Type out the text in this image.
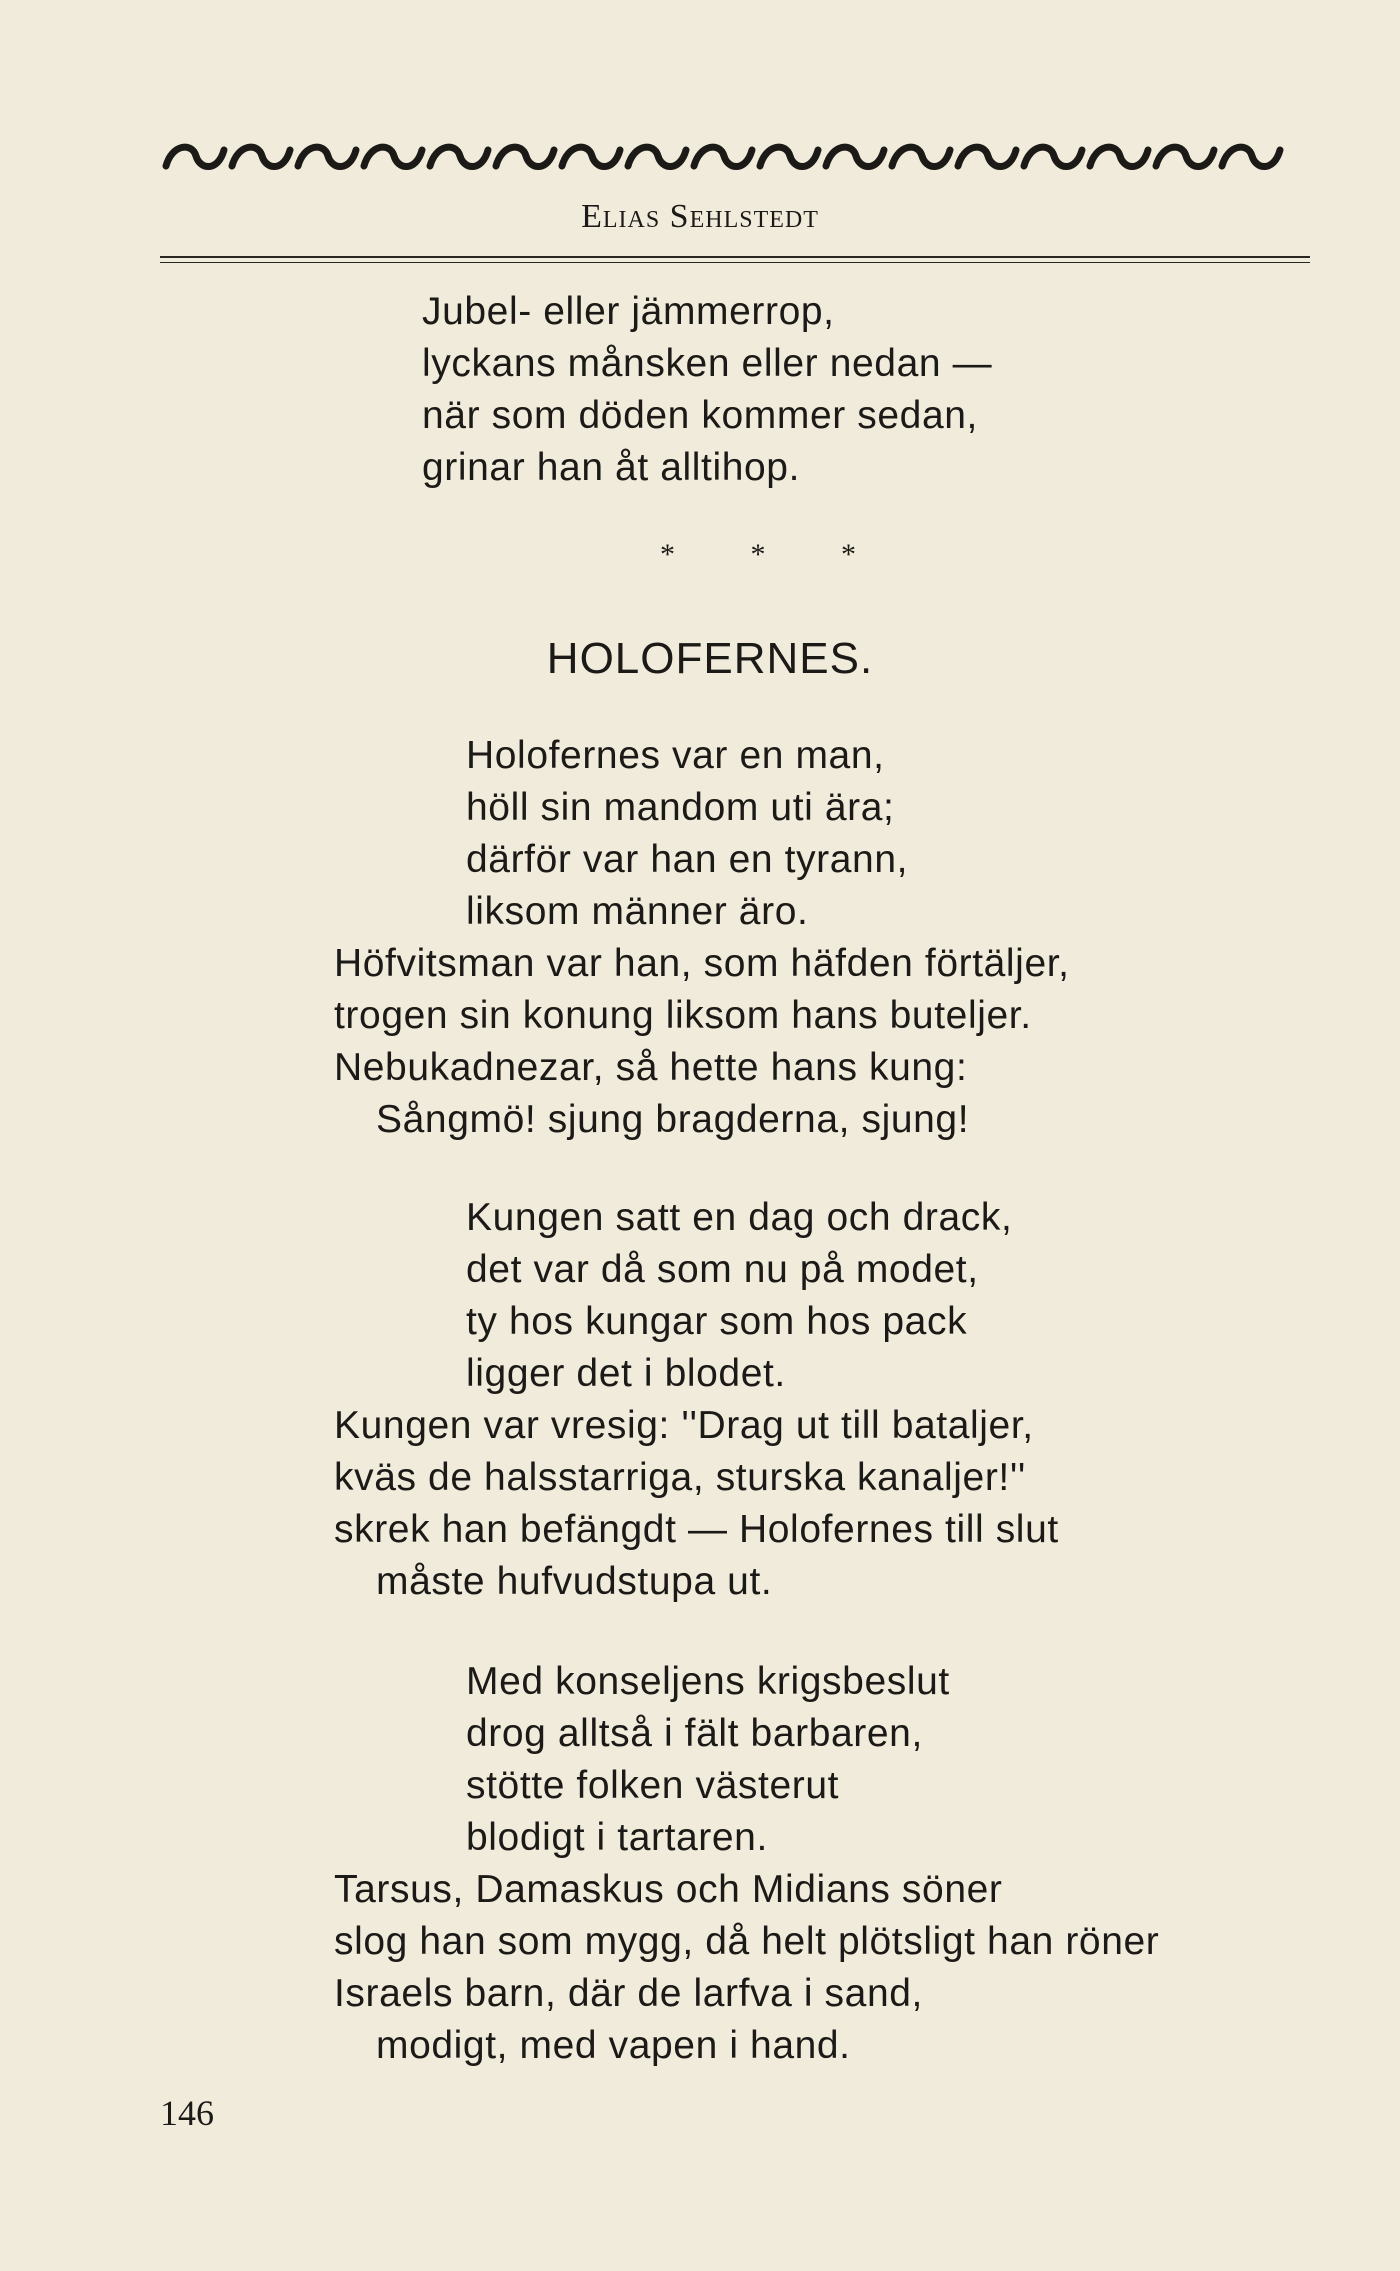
Elias Sehlstedt
Jubel- eller jämmerrop,
lyckans månsken eller nedan —
när som döden kommer sedan,
grinar han åt alltihop.
* * *
HOLOFERNES.
Holofernes var en man,
höll sin mandom uti ära;
därför var han en tyrann,
liksom männer äro.
Höfvitsman var han, som häfden förtäljer,
trogen sin konung liksom hans buteljer.
Nebukadnezar, så hette hans kung:
Sångmö! sjung bragderna, sjung!
Kungen satt en dag och drack,
det var då som nu på modet,
ty hos kungar som hos pack
ligger det i blodet.
Kungen var vresig: ''Drag ut till bataljer,
kväs de halsstarriga, sturska kanaljer!''
skrek han befängdt — Holofernes till slut
måste hufvudstupa ut.
Med konseljens krigsbeslut
drog alltså i fält barbaren,
stötte folken västerut
blodigt i tartaren.
Tarsus, Damaskus och Midians söner
slog han som mygg, då helt plötsligt han röner
Israels barn, där de larfva i sand,
modigt, med vapen i hand.
146
